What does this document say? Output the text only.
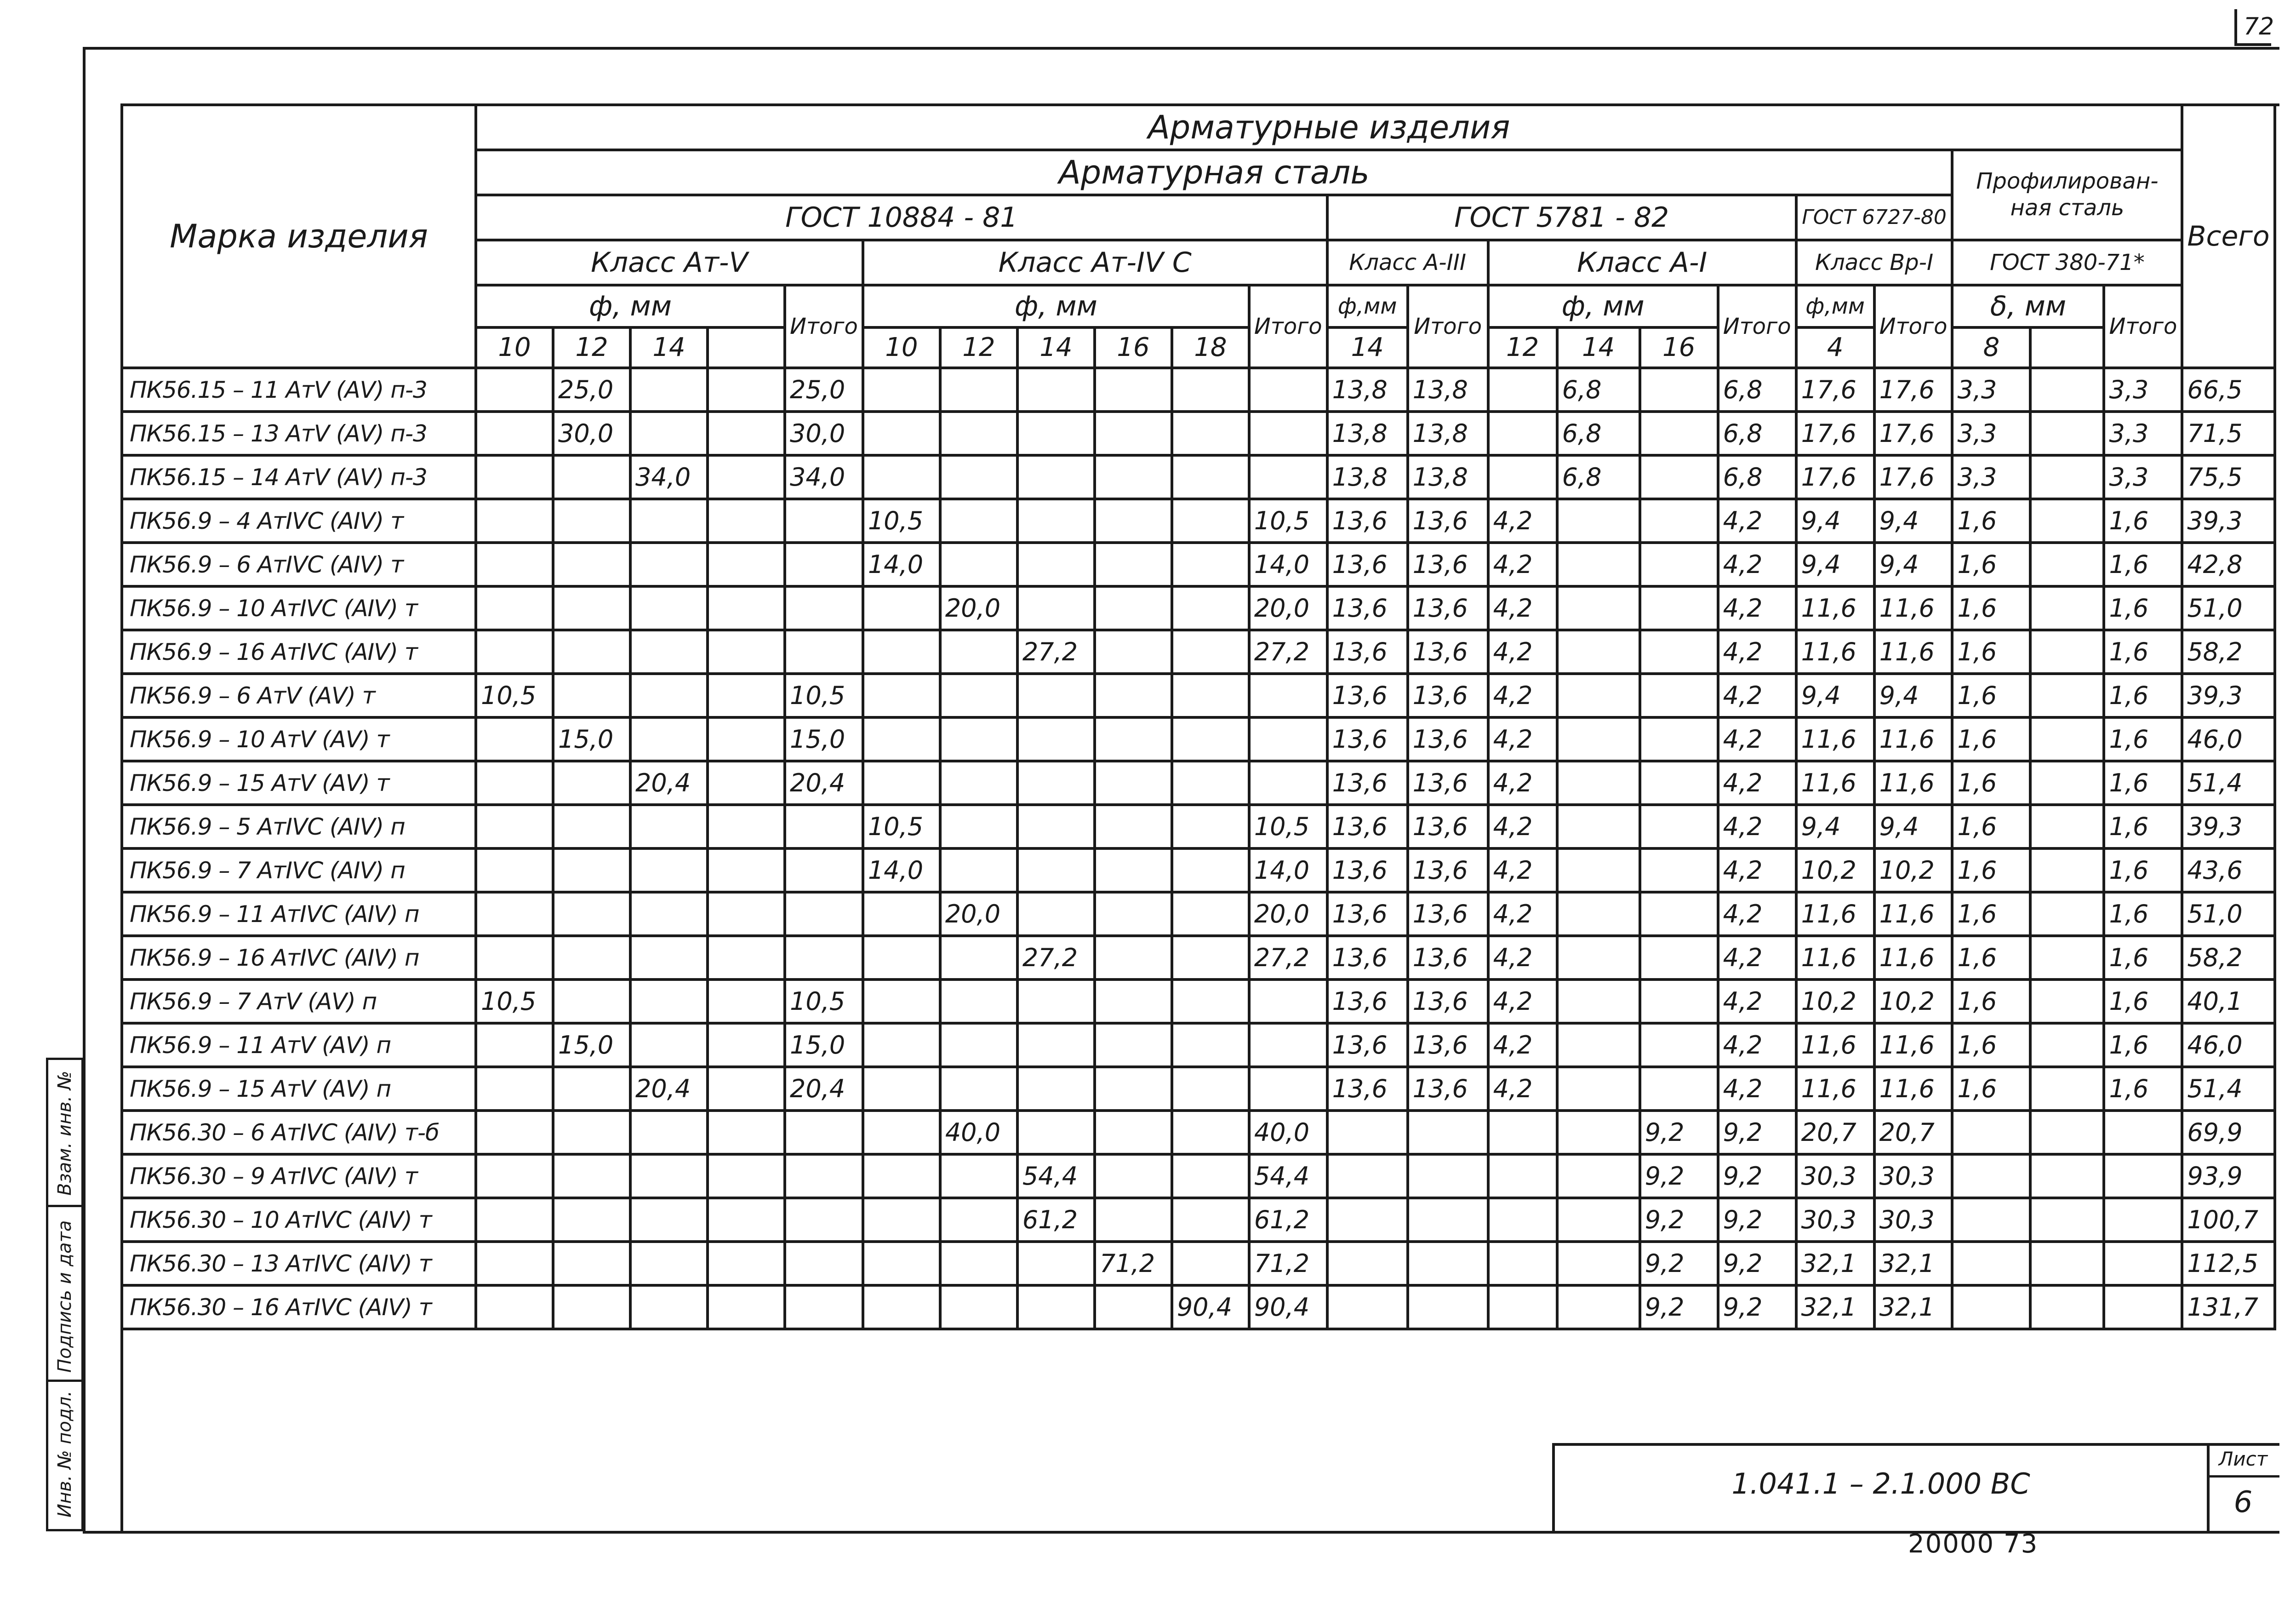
72
Марка изделия	Арматурные изделия																						Всего
	Арматурная сталь																			Профилирован-ная сталь			
	ГОСТ 10884 - 81											ГОСТ 5781 - 82						ГОСТ 6727-80					
	Класс Ат-V					Класс Ат-IV С						Класс А-III		Класс А-I				Класс Вр-I		ГОСТ 380-71*			
	ф, мм				Итого	ф, мм					Итого	ф,мм	Итого	ф, мм			Итого	ф,мм	Итого	δ, мм		Итого	
	10	12	14			10	12	14	16	18		14		12	14	16		4		8			
ПК56.15 – 11 АтV (АV) п-3		25,0			25,0							13,8	13,8		6,8		6,8	17,6	17,6	3,3		3,3	66,5
ПК56.15 – 13 АтV (АV) п-3		30,0			30,0							13,8	13,8		6,8		6,8	17,6	17,6	3,3		3,3	71,5
ПК56.15 – 14 АтV (АV) п-3			34,0		34,0							13,8	13,8		6,8		6,8	17,6	17,6	3,3		3,3	75,5
ПК56.9 – 4 АтIVС (АIV) т						10,5					10,5	13,6	13,6	4,2			4,2	9,4	9,4	1,6		1,6	39,3
ПК56.9 – 6 АтIVС (АIV) т						14,0					14,0	13,6	13,6	4,2			4,2	9,4	9,4	1,6		1,6	42,8
ПК56.9 – 10 АтIVС (АIV) т							20,0				20,0	13,6	13,6	4,2			4,2	11,6	11,6	1,6		1,6	51,0
ПК56.9 – 16 АтIVС (АIV) т								27,2			27,2	13,6	13,6	4,2			4,2	11,6	11,6	1,6		1,6	58,2
ПК56.9 – 6 АтV (АV) т	10,5				10,5							13,6	13,6	4,2			4,2	9,4	9,4	1,6		1,6	39,3
ПК56.9 – 10 АтV (АV) т		15,0			15,0							13,6	13,6	4,2			4,2	11,6	11,6	1,6		1,6	46,0
ПК56.9 – 15 АтV (АV) т			20,4		20,4							13,6	13,6	4,2			4,2	11,6	11,6	1,6		1,6	51,4
ПК56.9 – 5 АтIVС (АIV) п						10,5					10,5	13,6	13,6	4,2			4,2	9,4	9,4	1,6		1,6	39,3
ПК56.9 – 7 АтIVС (АIV) п						14,0					14,0	13,6	13,6	4,2			4,2	10,2	10,2	1,6		1,6	43,6
ПК56.9 – 11 АтIVС (АIV) п							20,0				20,0	13,6	13,6	4,2			4,2	11,6	11,6	1,6		1,6	51,0
ПК56.9 – 16 АтIVС (АIV) п								27,2			27,2	13,6	13,6	4,2			4,2	11,6	11,6	1,6		1,6	58,2
ПК56.9 – 7 АтV (АV) п	10,5				10,5							13,6	13,6	4,2			4,2	10,2	10,2	1,6		1,6	40,1
ПК56.9 – 11 АтV (АV) п		15,0			15,0							13,6	13,6	4,2			4,2	11,6	11,6	1,6		1,6	46,0
ПК56.9 – 15 АтV (АV) п			20,4		20,4							13,6	13,6	4,2			4,2	11,6	11,6	1,6		1,6	51,4
ПК56.30 – 6 АтIVС (АIV) т-б							40,0				40,0					9,2	9,2	20,7	20,7				69,9
ПК56.30 – 9 АтIVС (АIV) т								54,4			54,4					9,2	9,2	30,3	30,3				93,9
ПК56.30 – 10 АтIVС (АIV) т								61,2			61,2					9,2	9,2	30,3	30,3				100,7
ПК56.30 – 13 АтIVС (АIV) т									71,2		71,2					9,2	9,2	32,1	32,1				112,5
ПК56.30 – 16 АтIVС (АIV) т										90,4	90,4					9,2	9,2	32,1	32,1				131,7
Взам. инв. №
Подпись и дата
Инв. № подл.	1.041.1 – 2.1.000 ВС
Лист
6
20000 73
